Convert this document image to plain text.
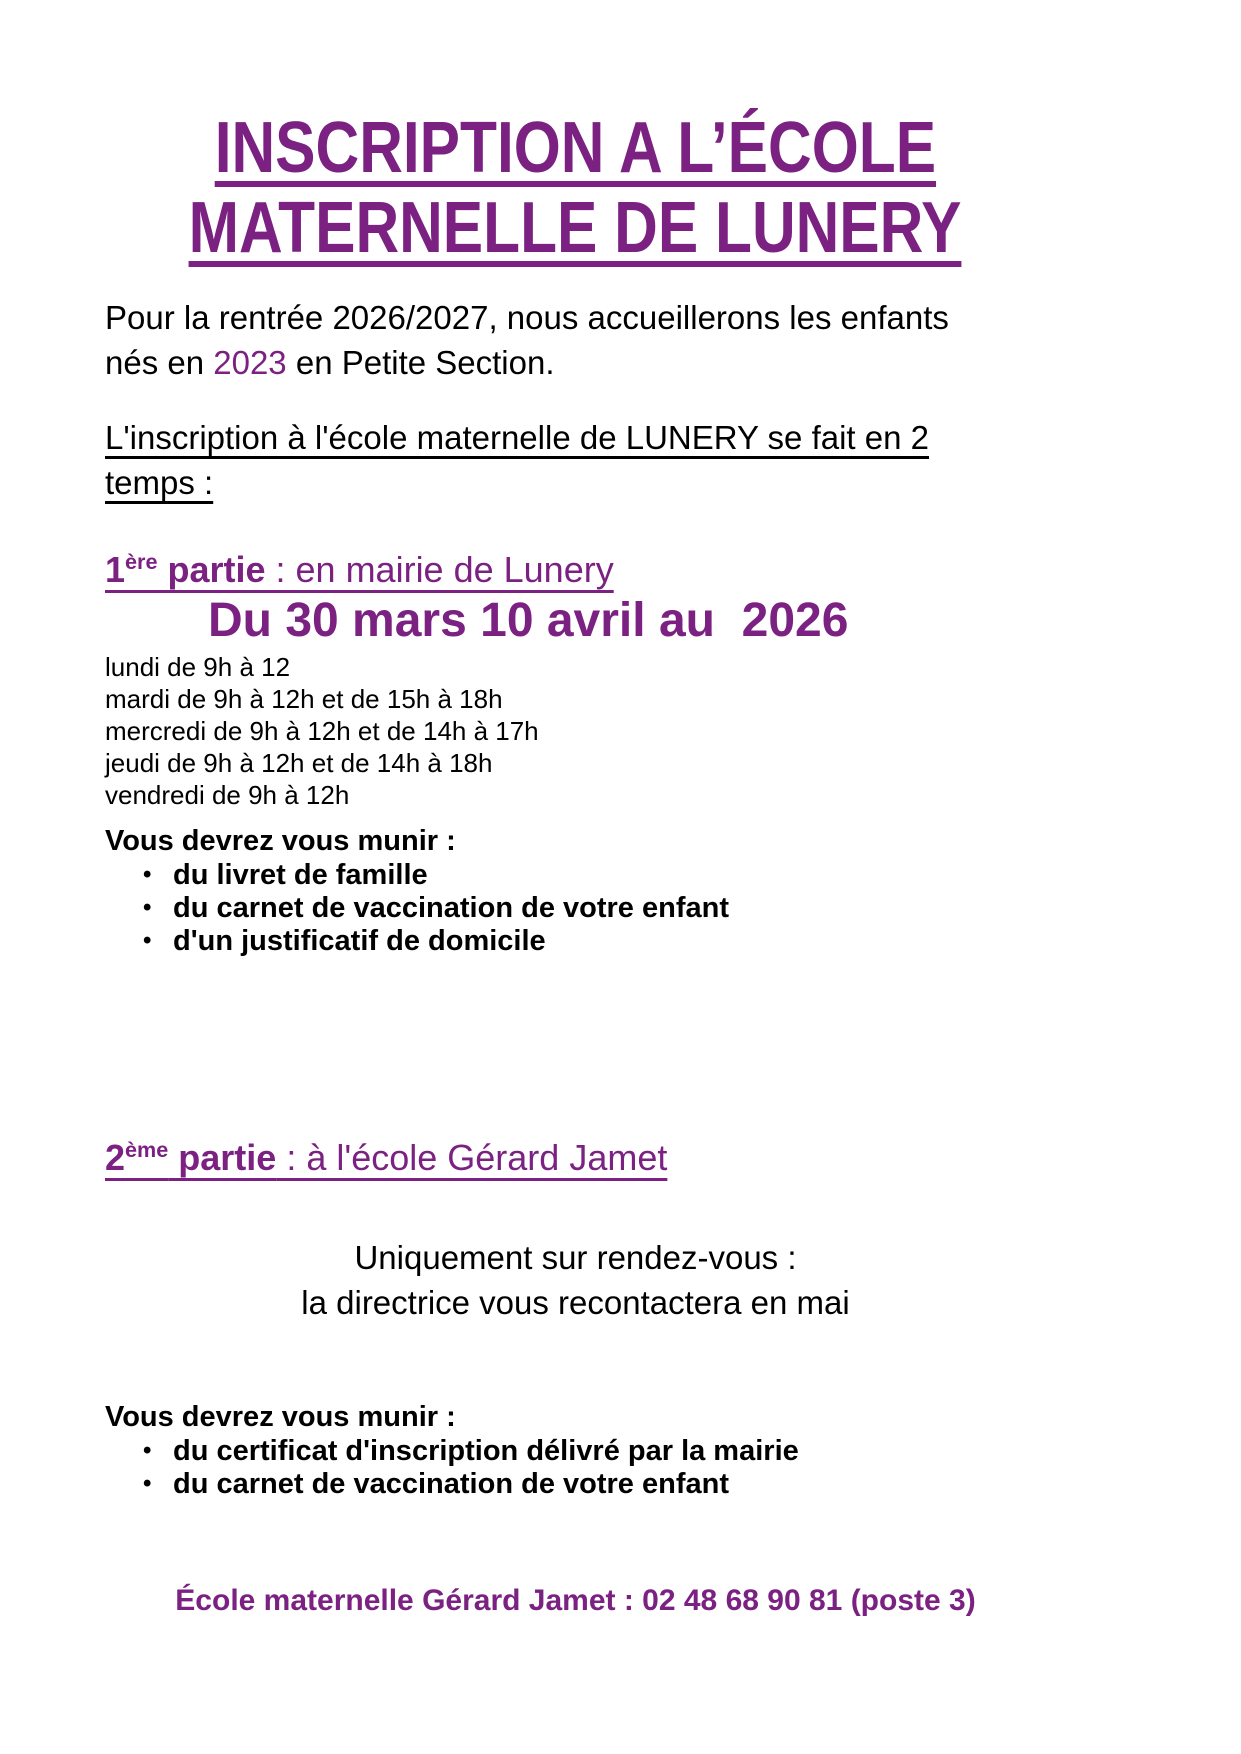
INSCRIPTION A L’ÉCOLE
MATERNELLE DE LUNERY

Pour la rentrée 2026/2027, nous accueillerons les enfants
nés en 2023 en Petite Section.

L'inscription à l'école maternelle de LUNERY se fait en 2
temps :

1ère partie : en mairie de Lunery

Du 30 mars 10 avril au  2026

lundi de 9h à 12
mardi de 9h à 12h et de 15h à 18h
mercredi de 9h à 12h et de 14h à 17h
jeudi de 9h à 12h et de 14h à 18h
vendredi de 9h à 12h
Vous devrez vous munir :
• du livret de famille
• du carnet de vaccination de votre enfant
• d'un justificatif de domicile
2ème partie : à l'école Gérard Jamet
Uniquement sur rendez-vous :
la directrice vous recontactera en mai
Vous devrez vous munir :
• du certificat d'inscription délivré par la mairie
• du carnet de vaccination de votre enfant
École maternelle Gérard Jamet : 02 48 68 90 81 (poste 3)
